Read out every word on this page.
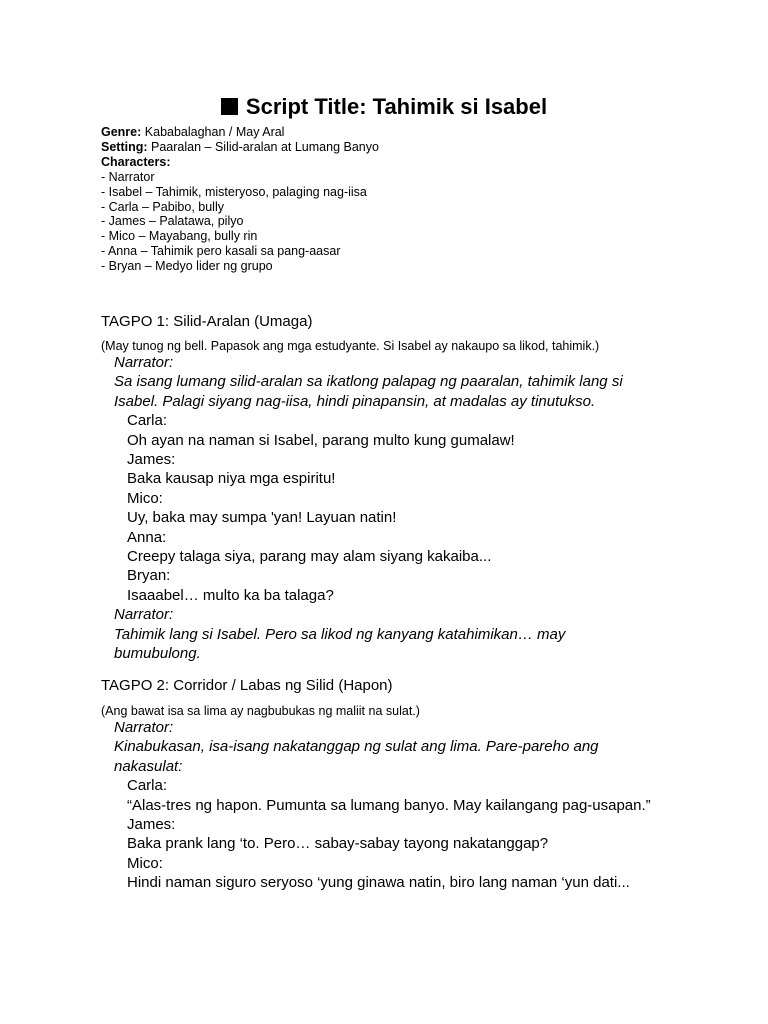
Script Title: Tahimik si Isabel
Genre: Kababalaghan / May Aral
Setting: Paaralan – Silid-aralan at Lumang Banyo
Characters:
- Narrator
- Isabel – Tahimik, misteryoso, palaging nag-iisa
- Carla – Pabibo, bully
- James – Palatawa, pilyo
- Mico – Mayabang, bully rin
- Anna – Tahimik pero kasali sa pang-aasar
- Bryan – Medyo lider ng grupo
TAGPO 1: Silid-Aralan (Umaga)
(May tunog ng bell. Papasok ang mga estudyante. Si Isabel ay nakaupo sa likod, tahimik.)
Narrator:
Sa isang lumang silid-aralan sa ikatlong palapag ng paaralan, tahimik lang si
Isabel. Palagi siyang nag-iisa, hindi pinapansin, at madalas ay tinutukso.
Carla:
Oh ayan na naman si Isabel, parang multo kung gumalaw!
James:
Baka kausap niya mga espiritu!
Mico:
Uy, baka may sumpa 'yan! Layuan natin!
Anna:
Creepy talaga siya, parang may alam siyang kakaiba...
Bryan:
Isaaabel… multo ka ba talaga?
Narrator:
Tahimik lang si Isabel. Pero sa likod ng kanyang katahimikan… may
bumubulong.
TAGPO 2: Corridor / Labas ng Silid (Hapon)
(Ang bawat isa sa lima ay nagbubukas ng maliit na sulat.)
Narrator:
Kinabukasan, isa-isang nakatanggap ng sulat ang lima. Pare-pareho ang
nakasulat:
Carla:
“Alas-tres ng hapon. Pumunta sa lumang banyo. May kailangang pag-usapan.”
James:
Baka prank lang ‘to. Pero… sabay-sabay tayong nakatanggap?
Mico:
Hindi naman siguro seryoso ‘yung ginawa natin, biro lang naman ‘yun dati...
